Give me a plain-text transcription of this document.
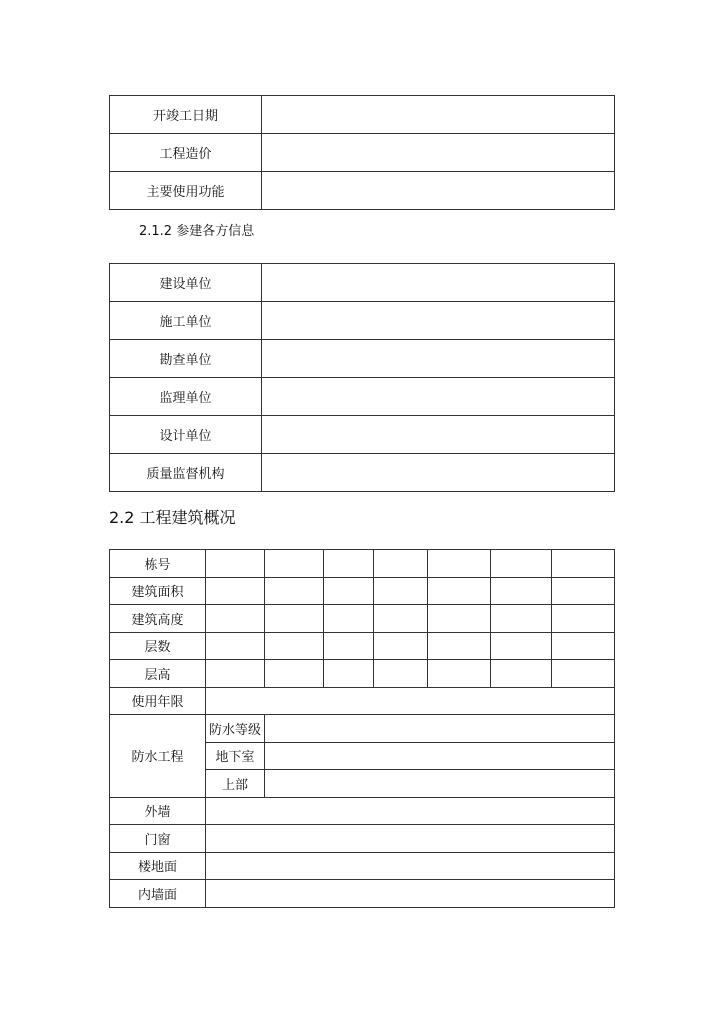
开竣工日期	
工程造价	
主要使用功能	
2.1.2 参建各方信息
建设单位	
施工单位	
勘查单位	
监理单位	
设计单位	
质量监督机构	
2.2 工程建筑概况
栋号							
建筑面积							
建筑高度							
层数							
层高							
使用年限							
防水工程	防水等级						
	地下室						
	上部						
外墙							
门窗							
楼地面							
内墙面							
